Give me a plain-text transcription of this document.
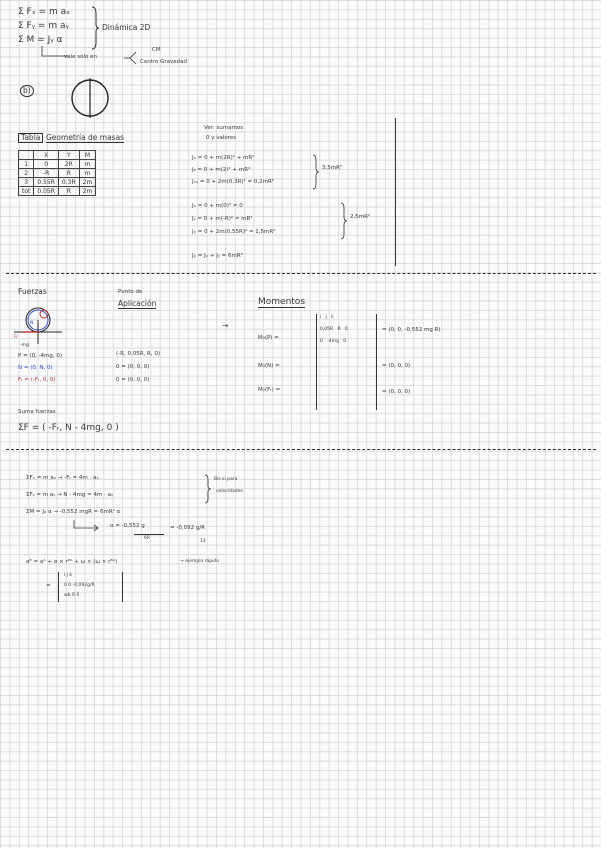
Σ Fₓ = m aₓ
Σ Fᵧ = m aᵧ
Σ M = Jᵧ α
Dinámica 2D
vale solo en
CM
Centro Gravedad
b)
Tabla Geometría de masas
	X	Y	M
1	0	2R	m
2	-R	R	m
3	0.55R	0.3R	2m
tot	0.05R	R	2m
Ver: sumamos
0 y valores
Jₓ = 0 + m(2R)² + mR²
Jᵧ = 0 + m(2)² + mR²
Jₓᵧ = 0 + 2m(0,3R)² = 0,2mR²
3,5mR²
Jₓ = 0 + m(0)² = 0
Jᵧ = 0 + m(-R)² = mR²
Jₓ = 0 + 2m(0,55R)² = 1,5mR²
2,5mR²
Jₚ = Jₓ + Jᵧ = 6mR²
Fuerzas	Punto de
Aplicación	Momentos
N
Fr
-mg
P = (0, -4mg, 0)
N = (0, N, 0)
Fᵣ = (-Fᵣ, 0, 0)
(-R, 0.05R, R, 0)
0 = (0, 0, 0)
0 = (0, 0, 0)
→
M₀(P) =
M₀(N) =
M₀(Fᵣ) =
i j k
0,05R R 0
0 -4mg 0
= (0, 0, -0,552 mg R)
= (0, 0, 0)
= (0, 0, 0)
Suma fuerzas
ΣF = ( -Fᵣ, N - 4mg, 0 )
ΣFₓ = m aₓ → -Fᵣ = 4m · aₓ
ΣFᵧ = m aᵧ → N - 4mg = 4m · aᵧ
ΣM = Jₚ α → -0,552 mgR = 6mR² α
Bis si para
velocidades
α = -0,552 g
6R
= -0,092 g/R
12
aᴮ = aᴬ + α × rᴮᴬ + ω × (ω × rᴮᴬ)	→ ejemplo rápido
=
i j k
0 0 -0,092g/R
wb R 0
